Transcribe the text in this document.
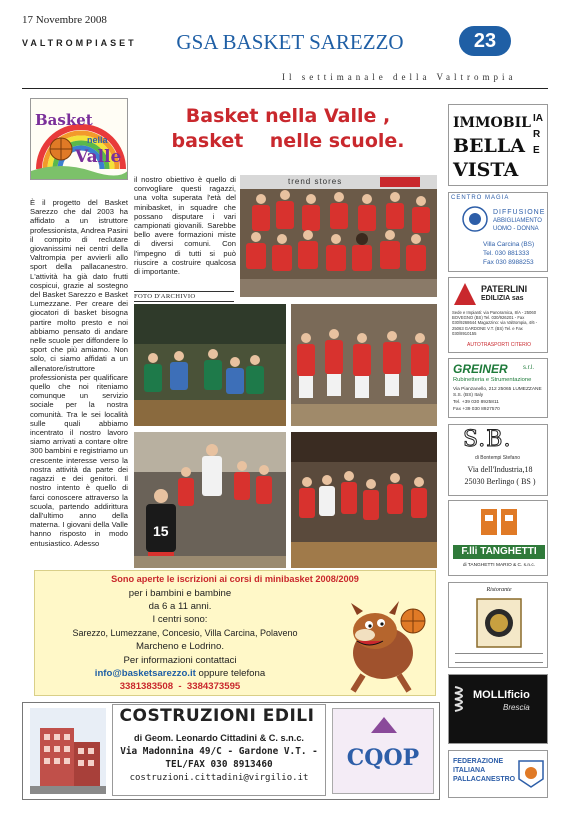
17 Novembre 2008
VALTROMPIASET	GSA BASKET SAREZZO	23
Il settimanale della Valtrompia
Basket
nella
Valle
Basket nella Valle ,
basket    nelle scuole.
È il progetto del Basket Sarezzo che dal 2003 ha affidato a un istruttore professionista, Andrea Pasini il compito di reclutare giovanissimi nei centri della Valtrompia per avvierli allo sport della pallacanestro. L'attività ha già dato frutti cospicui, grazie al sostegno del Basket Sarezzo e Basket Lumezzane. Per creare dei giocatori di basket bisogna partire molto presto e noi abbiamo pensato di andare nelle scuole per diffondere lo sport che più amiamo. Non solo, ci siamo affidati a un allenatore/istruttore professionista per qualificare quello che noi riteniamo comunque un servizio sociale per la nostra comunità. Tra le sei località sulle quali abbiamo incentrato il nostro lavoro siamo arrivati a contare oltre 300 bambini e registriamo un crescente interesse verso la nostra attività da parte dei ragazzi e dei genitori. Il nostro intento è quello di farci conoscere attraverso la scuola, partendo addirittura dall'ultimo anno della materna. I giovani della Valle hanno risposto in modo entusiastico. Adesso
il nostro obiettivo è quello di convogliare questi ragazzi, una volta superata l'età del minibasket, in squadre che possano disputare i vari campionati giovanili. Sarebbe bello avere formazioni miste di diversi comuni. Con l'impegno di tutti si può riuscire a costruire qualcosa di importante.
FOTO D'ARCHIVIO
trend stores
15
IMMOBIL
BELLA
VISTA
IARE
CENTRO MAGIA
DIFFUSIONE
ABBIGLIAMENTO
UOMO - DONNA
Villa Carcina (BS)
Tel. 030 881333
Fax 030 8988253
PATERLINI
EDILIZIA sas
Sede e Impianti: via Panoramica, 8/A - 25060 BOVEGNO (BS) Tel. 030/926201 - Fax 030/9268644 Magazzino: via Valtrompia, 4/6 - 25063 GARDONE V.T. (BS) Tel. e Fax 030/8910155
AUTOTRASPORTI CITERIO
GREINER	s.r.l.
Rubinetteria e Strumentazione
Via Pianzanello, 212 25065 LUMEZZANE S.S. (BS) Italy
Tel. +39 030 8925811
Fax +39 030 8927570
S.B.
di Bontempi Stefano
Via dell'Industria,18
25030 Berlingo ( BS )
F.lli TANGHETTI
di TANGHETTI MARIO & C. s.n.c.
Ristorante
MOLLIficio
Brescia
FEDERAZIONE
ITALIANA
PALLACANESTRO
Sono aperte le iscrizioni ai corsi di minibasket 2008/2009
per i bambini e bambine
da 6 a 11 anni.
I centri sono:
Sarezzo, Lumezzane, Concesio, Villa Carcina, Polaveno
Marcheno e Lodrino.
Per informazioni contattaci
info@basketsarezzo.it oppure telefona
3381383508  -  3384373595
COSTRUZIONI EDILI
di Geom. Leonardo Cittadini & C. s.n.c.
Via Madonnina 49/C - Gardone V.T. -
TEL/FAX 030 8913460
costruzioni.cittadini@virgilio.it
CQOP
